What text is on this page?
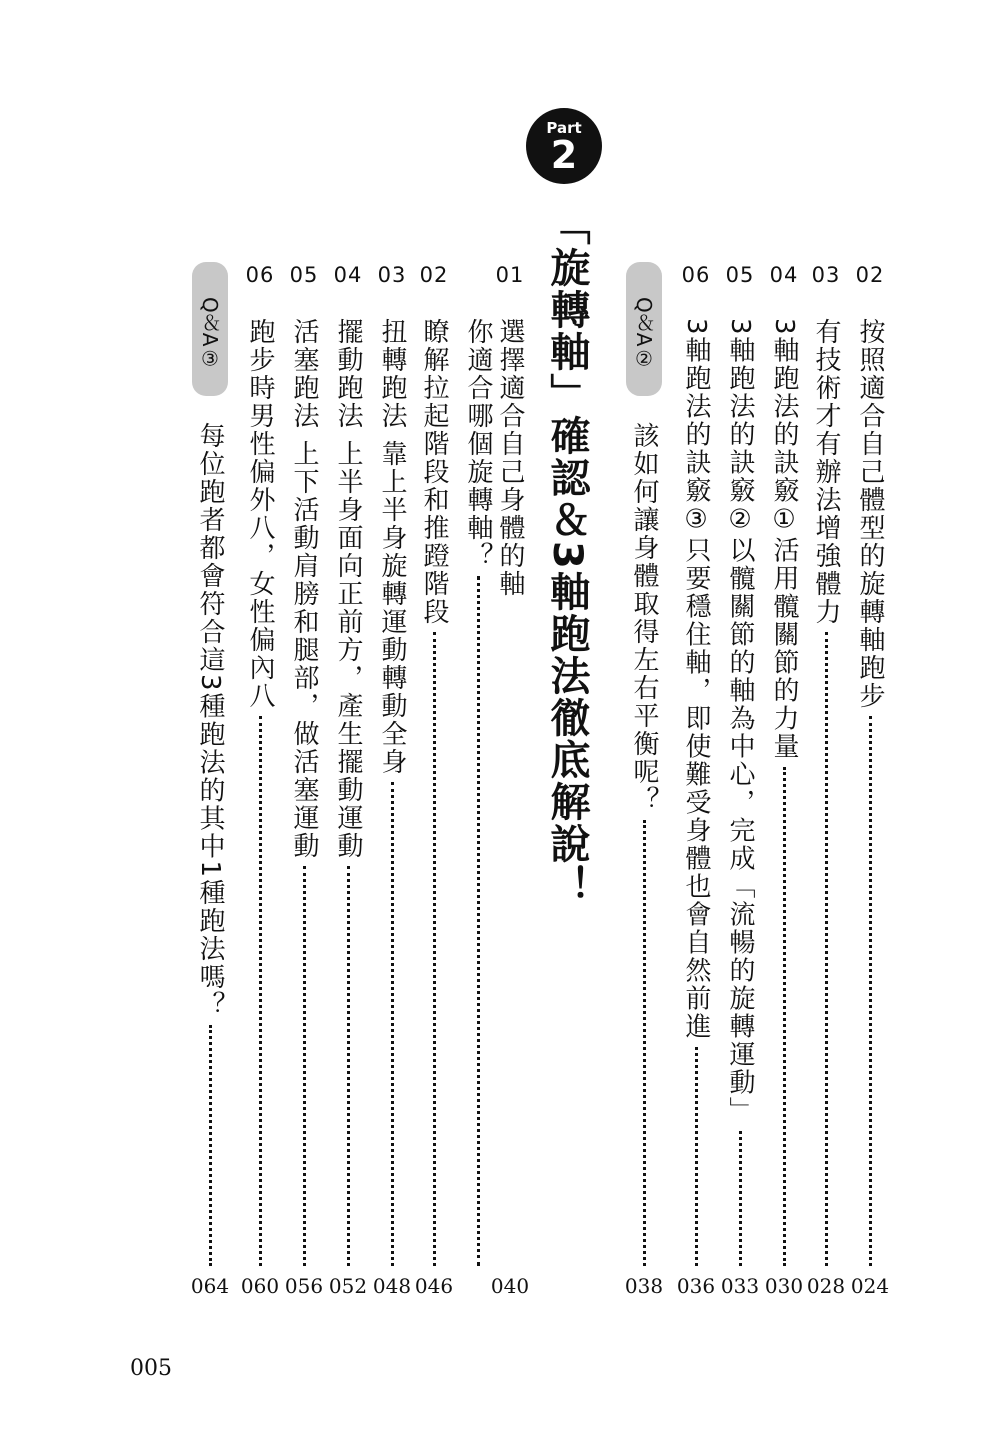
Part
2
「旋轉軸」確認＆3軸跑法徹底解說！	02
按照適合自己體型的旋轉軸跑步
024
03
有技術才有辦法增強體力
028
04
3軸跑法的訣竅①活用髖關節的力量
030
05
3軸跑法的訣竅②以髖關節的軸為中心，完成「流暢的旋轉運動」
033
06
3軸跑法的訣竅③只要穩住軸，即使難受身體也會自然前進
036
Q＆A②
該如何讓身體取得左右平衡呢？
038
01
選擇適合自己身體的軸
040
你適合哪個旋轉軸？
02
瞭解拉起階段和推蹬階段
046
03
扭轉跑法 靠上半身旋轉運動轉動全身
048
04
擺動跑法 上半身面向正前方，產生擺動運動
052
05
活塞跑法 上下活動肩膀和腿部，做活塞運動
056
06
跑步時男性偏外八，女性偏內八
060
Q＆A③
每位跑者都會符合這3種跑法的其中1種跑法嗎？
064
005
